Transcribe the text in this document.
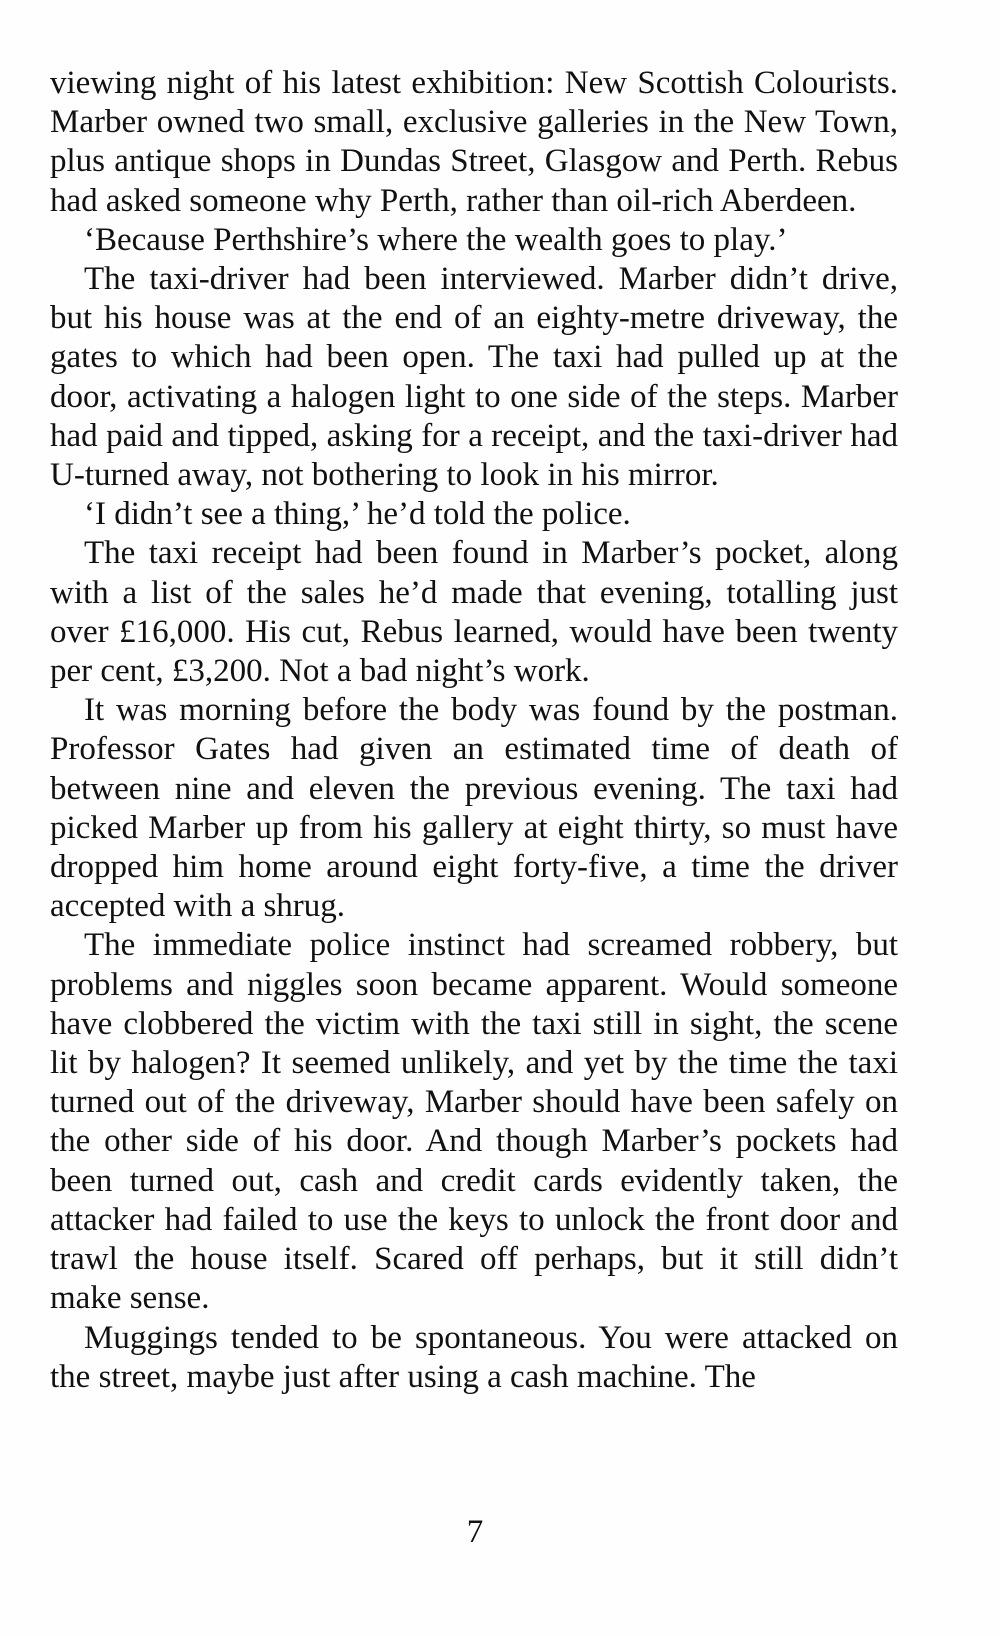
viewing night of his latest exhibition: New Scottish Colourists. Marber owned two small, exclusive galleries in the New Town, plus antique shops in Dundas Street, Glasgow and Perth. Rebus had asked someone why Perth, rather than oil-rich Aberdeen.

‘Because Perthshire’s where the wealth goes to play.’

The taxi-driver had been interviewed. Marber didn’t drive, but his house was at the end of an eighty-metre driveway, the gates to which had been open. The taxi had pulled up at the door, activating a halogen light to one side of the steps. Marber had paid and tipped, asking for a receipt, and the taxi-driver had U-turned away, not bothering to look in his mirror.

‘I didn’t see a thing,’ he’d told the police.

The taxi receipt had been found in Marber’s pocket, along with a list of the sales he’d made that evening, totalling just over £16,000. His cut, Rebus learned, would have been twenty per cent, £3,200. Not a bad night’s work.

It was morning before the body was found by the postman. Professor Gates had given an estimated time of death of between nine and eleven the previous evening. The taxi had picked Marber up from his gallery at eight thirty, so must have dropped him home around eight forty-five, a time the driver accepted with a shrug.

The immediate police instinct had screamed robbery, but problems and niggles soon became apparent. Would someone have clobbered the victim with the taxi still in sight, the scene lit by halogen? It seemed unlikely, and yet by the time the taxi turned out of the driveway, Marber should have been safely on the other side of his door. And though Marber’s pockets had been turned out, cash and credit cards evidently taken, the attacker had failed to use the keys to unlock the front door and trawl the house itself. Scared off perhaps, but it still didn’t make sense.

Muggings tended to be spontaneous. You were attacked on the street, maybe just after using a cash machine. The

7
